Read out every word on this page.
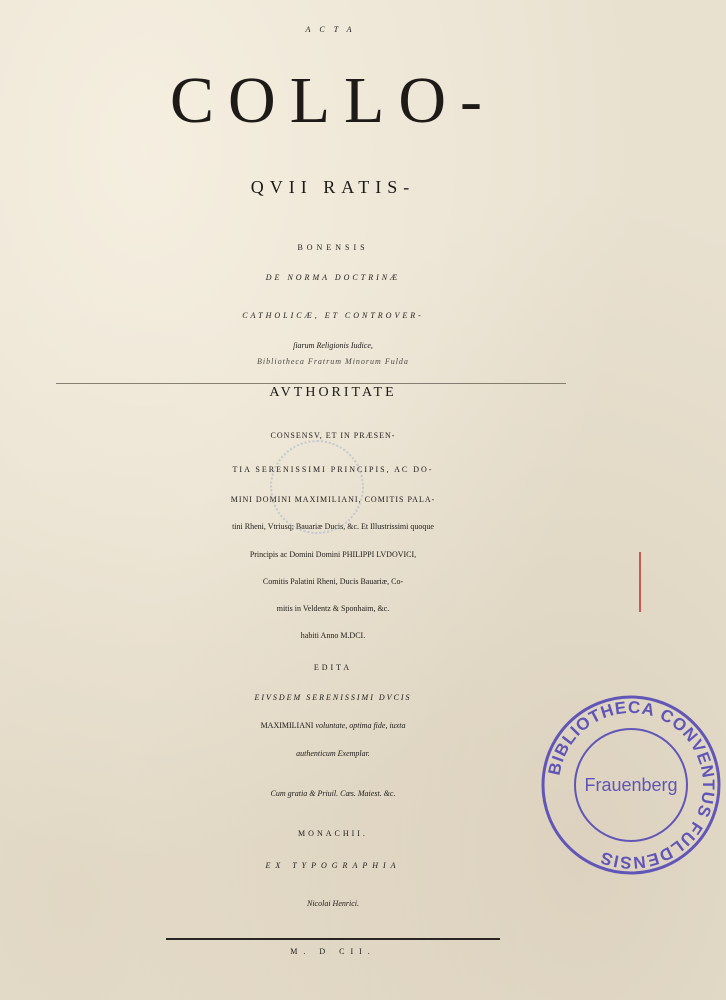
ACTA
COLLO-
QVII RATIS-
BONENSIS
DE NORMA DOCTRINÆ
CATHOLICÆ, ET CONTROVER-
ſiarum Religionis Iudice,
Bibliotheca Fratrum Minorum Fulda
AVTHORITATE
CONSENSV, ET IN PRÆSEN-
TIA SERENISSIMI PRINCIPIS, AC DO-
MINI DOMINI MAXIMILIANI, COMITIS PALA-
tini Rheni, Vtriusq; Bauariæ Ducis, &c. Et Illustrissimi quoque
Principis ac Domini Domini PHILIPPI LVDOVICI,
Comitis Palatini Rheni, Ducis Bauariæ, Co-
mitis in Veldentz & Sponhaim, &c.
habiti Anno M.DCI.
EDITA
EIVSDEM SERENISSIMI DVCIS
MAXIMILIANI voluntate, optima fide, iuxta
authenticum Exemplar.
Cum gratia & Priuil. Cæs. Maiest. &c.
MONACHII.
EX TYPOGRAPHIA
Nicolai Henrici.
M. D CII.
BIBLIOTHECA CONVENTUS FULDENSIS
Frauenberg
